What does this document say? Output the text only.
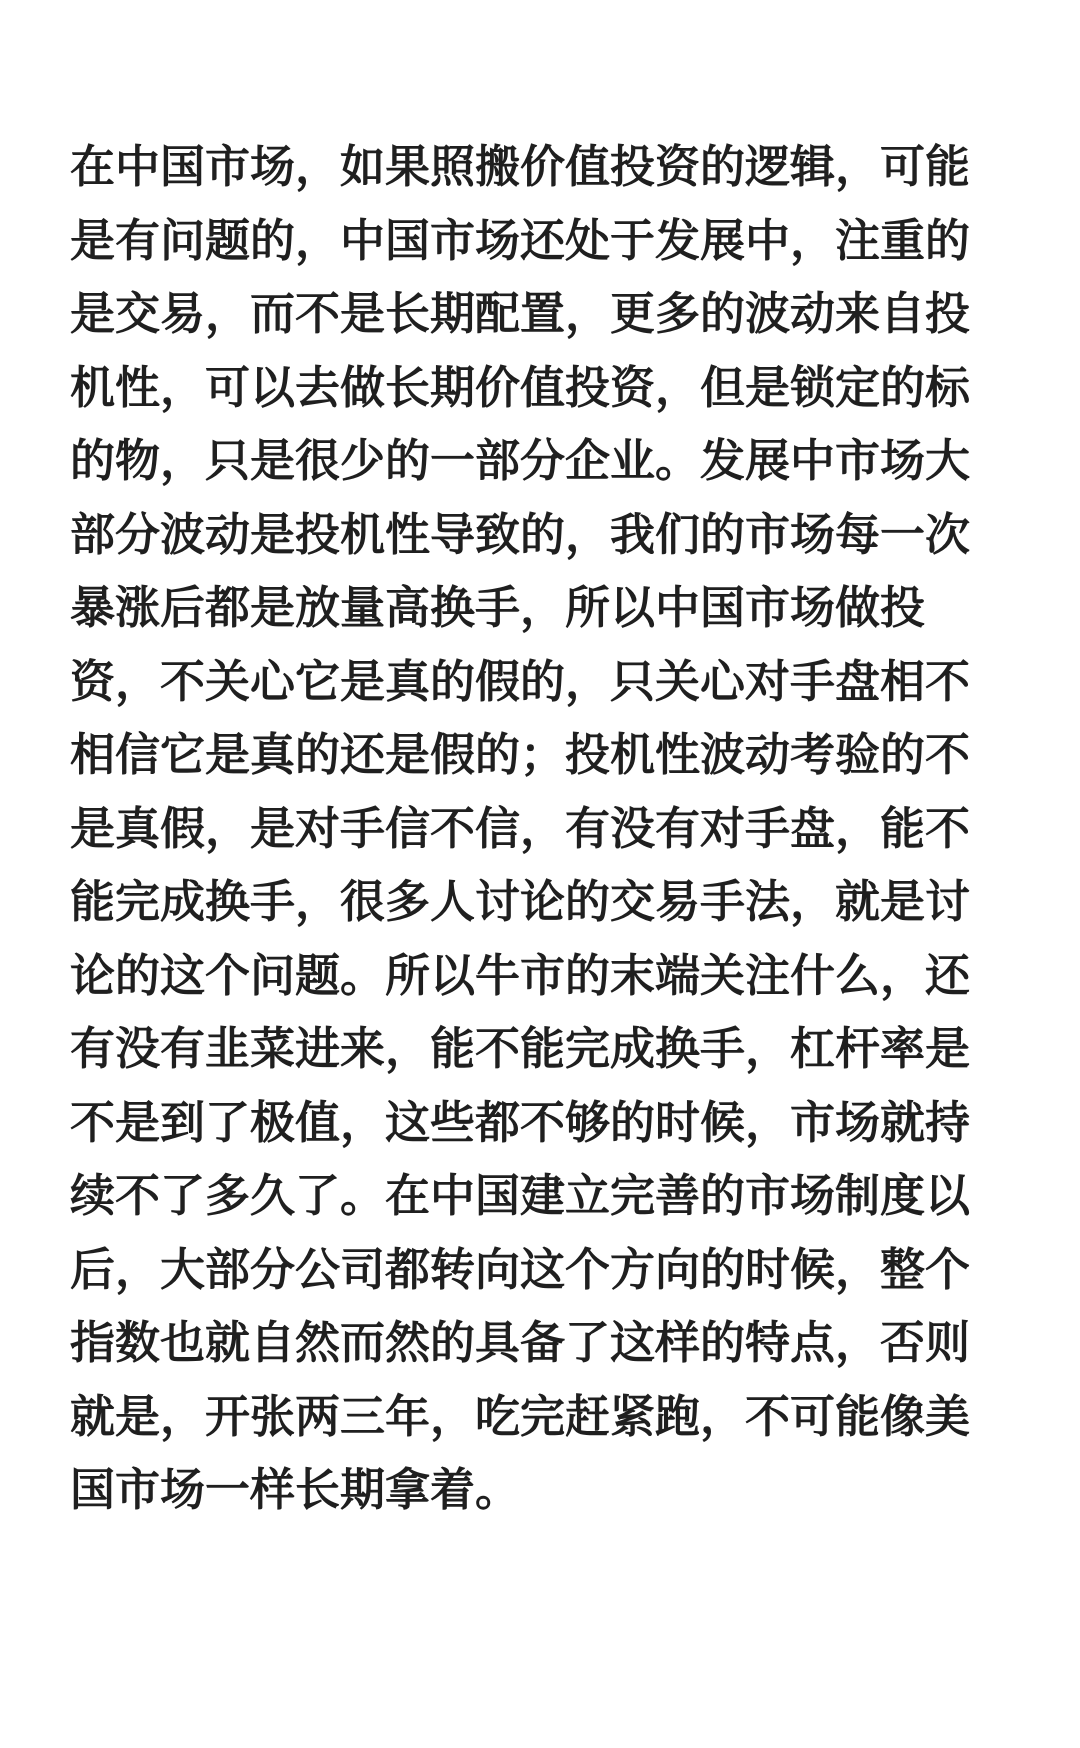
在中国市场，如果照搬价值投资的逻辑，可能
是有问题的，中国市场还处于发展中，注重的
是交易，而不是长期配置，更多的波动来自投
机性，可以去做长期价值投资，但是锁定的标
的物，只是很少的一部分企业。发展中市场大
部分波动是投机性导致的，我们的市场每一次
暴涨后都是放量高换手，所以中国市场做投
资，不关心它是真的假的，只关心对手盘相不
相信它是真的还是假的；投机性波动考验的不
是真假，是对手信不信，有没有对手盘，能不
能完成换手，很多人讨论的交易手法，就是讨
论的这个问题。所以牛市的末端关注什么，还
有没有韭菜进来，能不能完成换手，杠杆率是
不是到了极值，这些都不够的时候，市场就持
续不了多久了。在中国建立完善的市场制度以
后，大部分公司都转向这个方向的时候，整个
指数也就自然而然的具备了这样的特点，否则
就是，开张两三年，吃完赶紧跑，不可能像美
国市场一样长期拿着。
